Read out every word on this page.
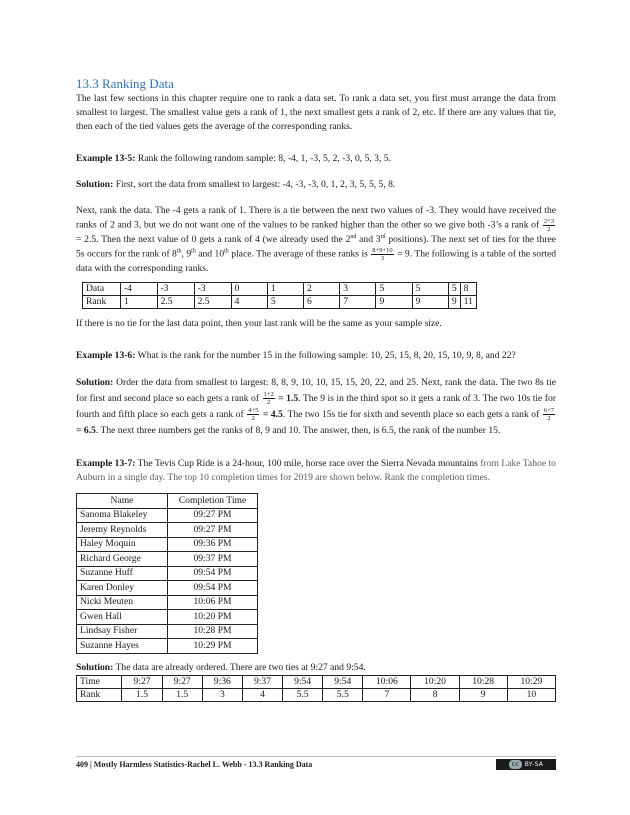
13.3 Ranking Data

The last few sections in this chapter require one to rank a data set. To rank a data set, you first must arrange the data from smallest to largest. The smallest value gets a rank of 1, the next smallest gets a rank of 2, etc. If there are any values that tie, then each of the tied values gets the average of the corresponding ranks.

Example 13-5: Rank the following random sample: 8, -4, 1, -3, 5, 2, -3, 0, 5, 3, 5.

Solution: First, sort the data from smallest to largest: -4, -3, -3, 0, 1, 2, 3, 5, 5, 5, 8.

Next, rank the data. The -4 gets a rank of 1. There is a tie between the next two values of -3. They would have received the ranks of 2 and 3, but we do not want one of the values to be ranked higher than the other so we give both -3’s a rank of $\frac{2+3}{2}$
= 2.5. Then the next value of 0 gets a rank of 4 (we already used the 2nd and 3rd positions). The next set of ties for the three 5s occurs for the rank of 8th, 9th and 10th place. The average of these ranks is $\frac{8+9+10}{3} = 9$. The following is a table of the sorted data with the corresponding ranks.

Data	-4	-3	-3	0	1	2	3	5	5	5	8
Rank	1	2.5	2.5	4	5	6	7	9	9	9	11

If there is no tie for the last data point, then your last rank will be the same as your sample size.

Example 13-6: What is the rank for the number 15 in the following sample: 10, 25, 15, 8, 20, 15, 10, 9, 8, and 22?

Solution: Order the data from smallest to largest: 8, 8, 9, 10, 10, 15, 15, 20, 22, and 25. Next, rank the data. The two 8s tie for first and second place so each gets a rank of $\frac{1+2}{2} = 1.5$. The 9 is in the third spot so it gets a rank of 3. The two 10s tie for fourth and fifth place so each gets a rank of $\frac{4+5}{2} = 4.5$. The two 15s tie for sixth and seventh place so each gets a rank of $\frac{6+7}{2}$
= 6.5. The next three numbers get the ranks of 8, 9 and 10. The answer, then, is 6.5, the rank of the number 15.

Example 13-7: The Tevis Cup Ride is a 24-hour, 100 mile, horse race over the Sierra Nevada mountains from Lake Tahoe to Auburn in a single day. The top 10 completion times for 2019 are shown below. Rank the completion times.

Name	Completion Time
Sanoma Blakeley	09:27 PM
Jeremy Reynolds	09:27 PM
Haley Moquin	09:36 PM
Richard George	09:37 PM
Suzanne Huff	09:54 PM
Karen Donley	09:54 PM
Nicki Meuten	10:06 PM
Gwen Hall	10:20 PM
Lindsay Fisher	10:28 PM
Suzanne Hayes	10:29 PM

Solution: The data are already ordered. There are two ties at 9:27 and 9:54.

Time	9:27	9:27	9:36	9:37	9:54	9:54	10:06	10:20	10:28	10:29
Rank	1.5	1.5	3	4	5.5	5.5	7	8	9	10
409 | Mostly Harmless Statistics-Rachel L. Webb - 13.3 Ranking Data	cc BY-SA
